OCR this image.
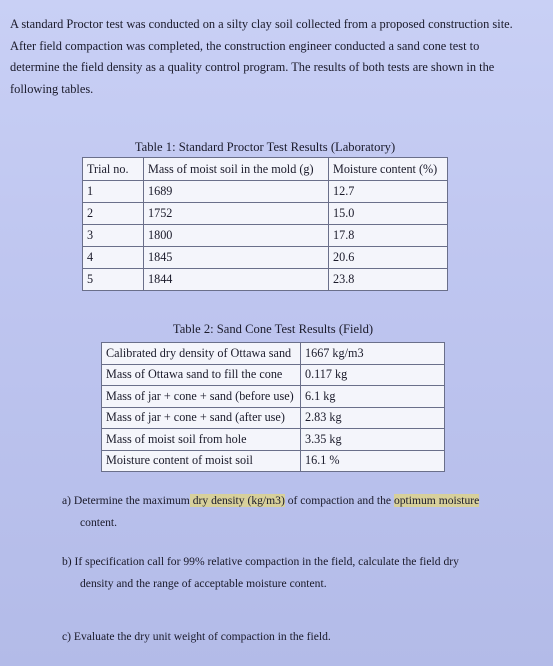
A standard Proctor test was conducted on a silty clay soil collected from a proposed construction site. After field compaction was completed, the construction engineer conducted a sand cone test to determine the field density as a quality control program. The results of both tests are shown in the following tables.
Table 1: Standard Proctor Test Results (Laboratory)
Trial no.	Mass of moist soil in the mold (g)	Moisture content (%)
1	1689	12.7
2	1752	15.0
3	1800	17.8
4	1845	20.6
5	1844	23.8
Table 2: Sand Cone Test Results (Field)
Calibrated dry density of Ottawa sand	1667 kg/m3
Mass of Ottawa sand to fill the cone	0.117 kg
Mass of jar + cone + sand (before use)	6.1 kg
Mass of jar + cone + sand (after use)	2.83 kg
Mass of moist soil from hole	3.35 kg
Moisture content of moist soil	16.1 %
a) Determine the maximum dry density (kg/m3) of compaction and the optimum moisture
content.
b) If specification call for 99% relative compaction in the field, calculate the field dry
density and the range of acceptable moisture content.
c) Evaluate the dry unit weight of compaction in the field.
